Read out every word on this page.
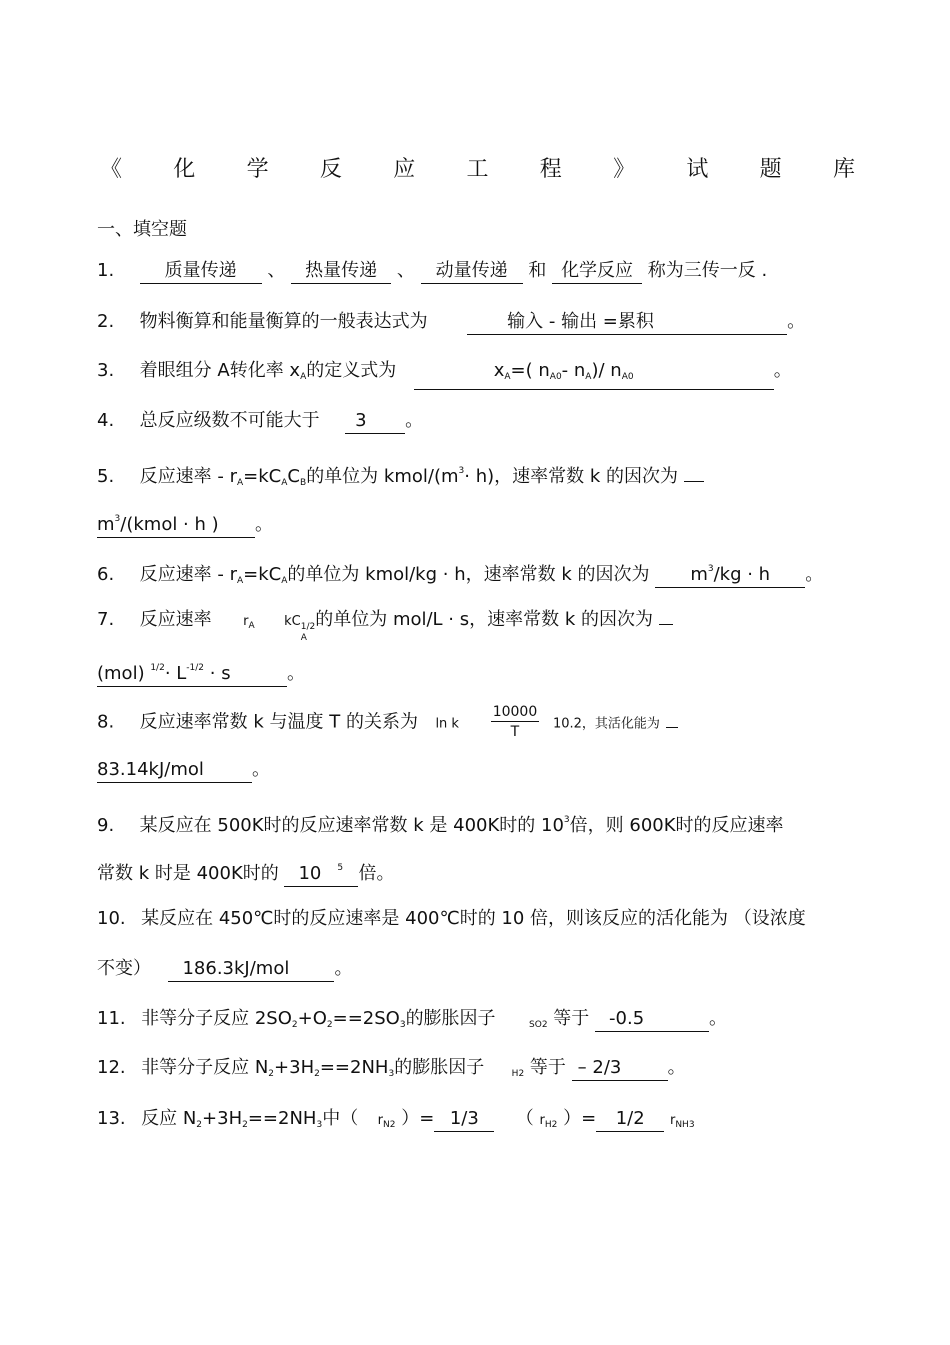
《 化 学 反 应 工 程 》 试 题 库
一、填空题
1.	质量传递 、 热量传递 、 动量传递 和 化学反应 称为三传一反 .
2. 物料衡算和能量衡算的一般表达式为	输入 - 输出 =累积	。
3. 着眼组分 A转化率 $x_A$的定义式为	$x_A=$( $n_{A0}-$ $n_A)/$ $n_{A0}$	。
4. 总反应级数不可能大于 3 。
5. 反应速率 - $r_A=kC_AC_B$的单位为 kmol/$(m^3\cdot h)$，速率常数 k 的因次为
$m^3/(kmol \cdot h$ ) 。
6. 反应速率 - $r_A=kC_A$的单位为 kmol/kg · h，速率常数 k 的因次为 $m^3/kg \cdot h$ 。
7. 反应速率 $r_A$ kC 1/2
A
的单位为 mol/L · s，速率常数 k 的因次为
(mol) $^{1/2}\cdot L^{-1/2} \cdot s$	。
8. 反应速率常数 k 与温度 T 的关系为 ln k $\frac{10000}{T} 10.2$，其活化能为
83.14kJ/mol	。
9. 某反应在 500K时的反应速率常数 k 是 400K时的 $10^3$倍，则 600K时的反应速率
常数 k 时是 400K时的 10 $^5$ 倍。
10. 某反应在 450℃时的反应速率是 400℃时的 10 倍，则该反应的活化能为 （设浓度
不变） 186.3kJ/mol	。
11. 非等分子反应 $2SO_2+O_2==2SO_3$的膨胀因子	$_{SO2}$ 等于 -0.5	。
12. 非等分子反应 $N_2+3H_2==2NH_3$的膨胀因子	$_{H2}$ 等于 – 2/3	。
13. 反应 $N_2+3H_2==2NH_3$中（ $r_{N2}$ ）= 1/3 （ $r_{H2}$ ）= 1/2 $r_{NH3}$
